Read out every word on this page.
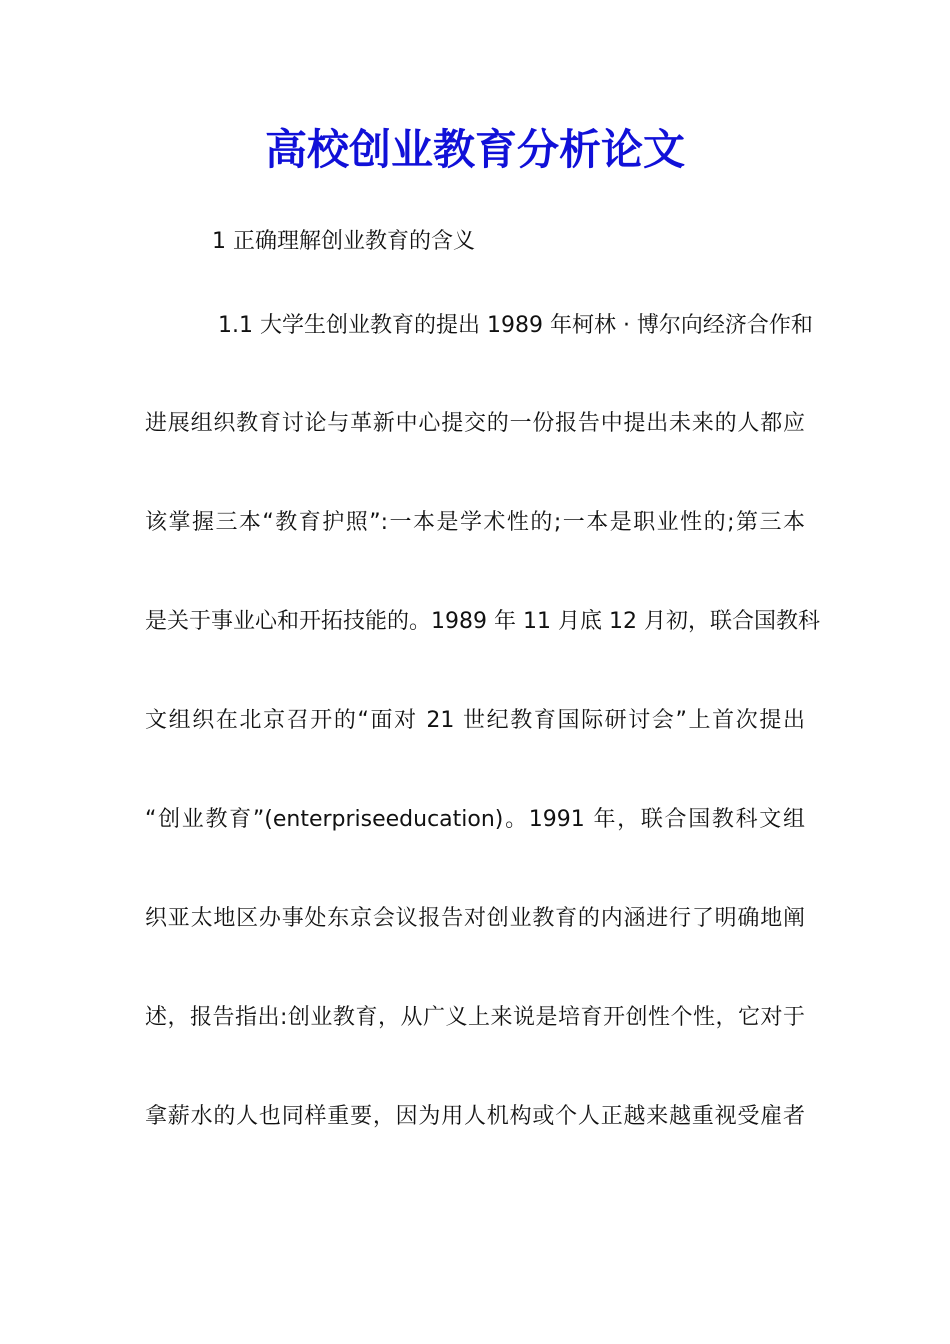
高校创业教育分析论文

1 正确理解创业教育的含义

1.1 大学生创业教育的提出 1989 年柯林 · 博尔向经济合作和

进展组织教育讨论与革新中心提交的一份报告中提出未来的人都应

该掌握三本“教育护照”:一本是学术性的;一本是职业性的;第三本

是关于事业心和开拓技能的。1989 年 11 月底 12 月初，联合国教科

文组织在北京召开的“面对 21 世纪教育国际研讨会”上首次提出

“创业教育”(enterpriseeducation)。1991 年，联合国教科文组

织亚太地区办事处东京会议报告对创业教育的内涵进行了明确地阐

述，报告指出:创业教育，从广义上来说是培育开创性个性，它对于

拿薪水的人也同样重要，因为用人机构或个人正越来越重视受雇者
